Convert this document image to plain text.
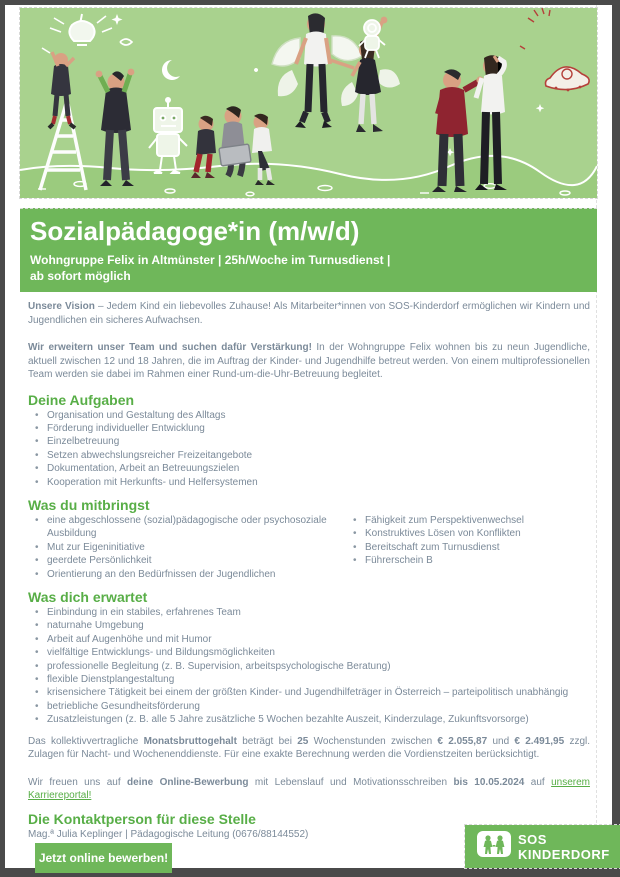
Sozialpädagoge*in (m/w/d)
Wohngruppe Felix in Altmünster | 25h/Woche im Turnusdienst |
ab sofort möglich

Unsere Vision – Jedem Kind ein liebevolles Zuhause! Als Mitarbeiter*innen von SOS-Kinderdorf ermöglichen wir Kindern und Jugendlichen ein sicheres Aufwachsen.

Wir erweitern unser Team und suchen dafür Verstärkung! In der Wohngruppe Felix wohnen bis zu neun Jugendliche, aktuell zwischen 12 und 18 Jahren, die im Auftrag der Kinder- und Jugendhilfe betreut werden. Von einem multiprofessionellen Team werden sie dabei im Rahmen einer Rund-um-die-Uhr-Betreuung begleitet.

Deine Aufgaben
• Organisation und Gestaltung des Alltags
• Förderung individueller Entwicklung
• Einzelbetreuung
• Setzen abwechslungsreicher Freizeitangebote
• Dokumentation, Arbeit an Betreuungszielen
• Kooperation mit Herkunfts- und Helfersystemen
Was du mitbringst
• eine abgeschlossene (sozial)pädagogische oder psychosoziale Ausbildung
• Mut zur Eigeninitiative
• geerdete Persönlichkeit
• Orientierung an den Bedürfnissen der Jugendlichen
• Fähigkeit zum Perspektivenwechsel
• Konstruktives Lösen von Konflikten
• Bereitschaft zum Turnusdienst
• Führerschein B
Was dich erwartet
• Einbindung in ein stabiles, erfahrenes Team
• naturnahe Umgebung
• Arbeit auf Augenhöhe und mit Humor
• vielfältige Entwicklungs- und Bildungsmöglichkeiten
• professionelle Begleitung (z. B. Supervision, arbeitspsychologische Beratung)
• flexible Dienstplangestaltung
• krisensichere Tätigkeit bei einem der größten Kinder- und Jugendhilfeträger in Österreich – parteipolitisch unabhängig
• betriebliche Gesundheitsförderung
• Zusatzleistungen (z. B. alle 5 Jahre zusätzliche 5 Wochen bezahlte Auszeit, Kinderzulage, Zukunftsvorsorge)

Das kollektivvertragliche Monatsbruttogehalt beträgt bei 25 Wochenstunden zwischen € 2.055,87 und € 2.491,95 zzgl. Zulagen für Nacht- und Wochenenddienste. Für eine exakte Berechnung werden die Vordienstzeiten berücksichtigt.

Wir freuen uns auf deine Online-Bewerbung mit Lebenslauf und Motivationsschreiben bis 10.05.2024 auf unserem Karriereportal!

Die Kontaktperson für diese Stelle

Mag.ª Julia Keplinger | Pädagogische Leitung (0676/88144552)

Jetzt online bewerben!
SOS
KINDERDORF
